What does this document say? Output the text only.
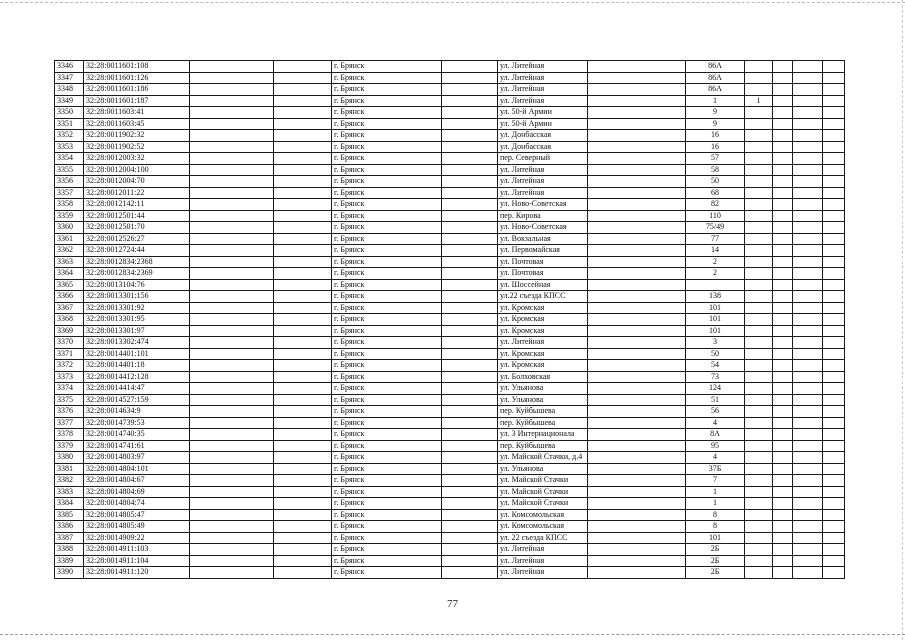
3346	32:28:0011601:108			г. Брянск		ул. Литейная		86А				
3347	32:28:0011601:126			г. Брянск		ул. Литейная		86А				
3348	32:28:0011601:186			г. Брянск		ул. Литейная		86А				
3349	32:28:0011601:187			г. Брянск		ул. Литейная		1	1			
3350	32:28:0011603:41			г. Брянск		ул. 50-й Армии		9				
3351	32:28:0011603:45			г. Брянск		ул. 50-й Армии		9				
3352	32:28:0011902:32			г. Брянск		ул. Донбасская		16				
3353	32:28:0011902:52			г. Брянск		ул. Донбасская		16				
3354	32:28:0012003:32			г. Брянск		пер. Северный		57				
3355	32:28:0012004:100			г. Брянск		ул. Литейная		58				
3356	32:28:0012004:70			г. Брянск		ул. Литейная		50				
3357	32:28:0012011:22			г. Брянск		ул. Литейная		68				
3358	32:28:0012142:11			г. Брянск		ул. Ново-Советская		82				
3359	32:28:0012501:44			г. Брянск		пер. Кирова		110				
3360	32:28:0012501:70			г. Брянск		ул. Ново-Советская		75/49				
3361	32:28:0012526:27			г. Брянск		ул. Вокзальная		77				
3362	32:28:0012724:44			г. Брянск		ул. Первомайская		14				
3363	32:28:0012834:2368			г. Брянск		ул. Почтовая		2				
3364	32:28:0012834:2369			г. Брянск		ул. Почтовая		2				
3365	32:28:0013104:76			г. Брянск		ул. Шоссейная						
3366	32:28:0013301:156			г. Брянск		ул.22 съезда КПСС		138				
3367	32:28:0013301:92			г. Брянск		ул. Кромская		101				
3368	32:28:0013301:95			г. Брянск		ул. Кромская		101				
3369	32:28:0013301:97			г. Брянск		ул. Кромская		101				
3370	32:28:0013302:474			г. Брянск		ул. Литейная		3				
3371	32:28:0014401:101			г. Брянск		ул. Кромская		50				
3372	32:28:0014401:18			г. Брянск		ул. Кромская		54				
3373	32:28:0014412:128			г. Брянск		ул. Болховская		73				
3374	32:28:0014414:47			г. Брянск		ул. Ульянова		124				
3375	32:28:0014527:159			г. Брянск		ул. Ульянова		51				
3376	32:28:0014634:9			г. Брянск		пер. Куйбышева		56				
3377	32:28:0014739:53			г. Брянск		пер. Куйбышева		4				
3378	32:28:0014740:35			г. Брянск		ул. 3 Интернационала		8А				
3379	32:28:0014741:61			г. Брянск		пер. Куйбышева		95				
3380	32:28:0014803:97			г. Брянск		ул. Майской Стачки, д.4		4				
3381	32:28:0014804:101			г. Брянск		ул. Ульянова		37Б				
3382	32:28:0014804:67			г. Брянск		ул. Майской Стачки		7				
3383	32:28:0014804:69			г. Брянск		ул. Майской Стачки		1				
3384	32:28:0014804:74			г. Брянск		ул. Майской Стачки		1				
3385	32:28:0014805:47			г. Брянск		ул. Комсомольская		8				
3386	32:28:0014805:49			г. Брянск		ул. Комсомольская		8				
3387	32:28:0014909:22			г. Брянск		ул. 22 съезда КПСС		101				
3388	32:28:0014911:103			г. Брянск		ул. Литейная		2Б				
3389	32:28:0014911:104			г. Брянск		ул. Литейная		2Б				
3390	32:28:0014911:120			г. Брянск		ул. Литейная		2Б				
77
